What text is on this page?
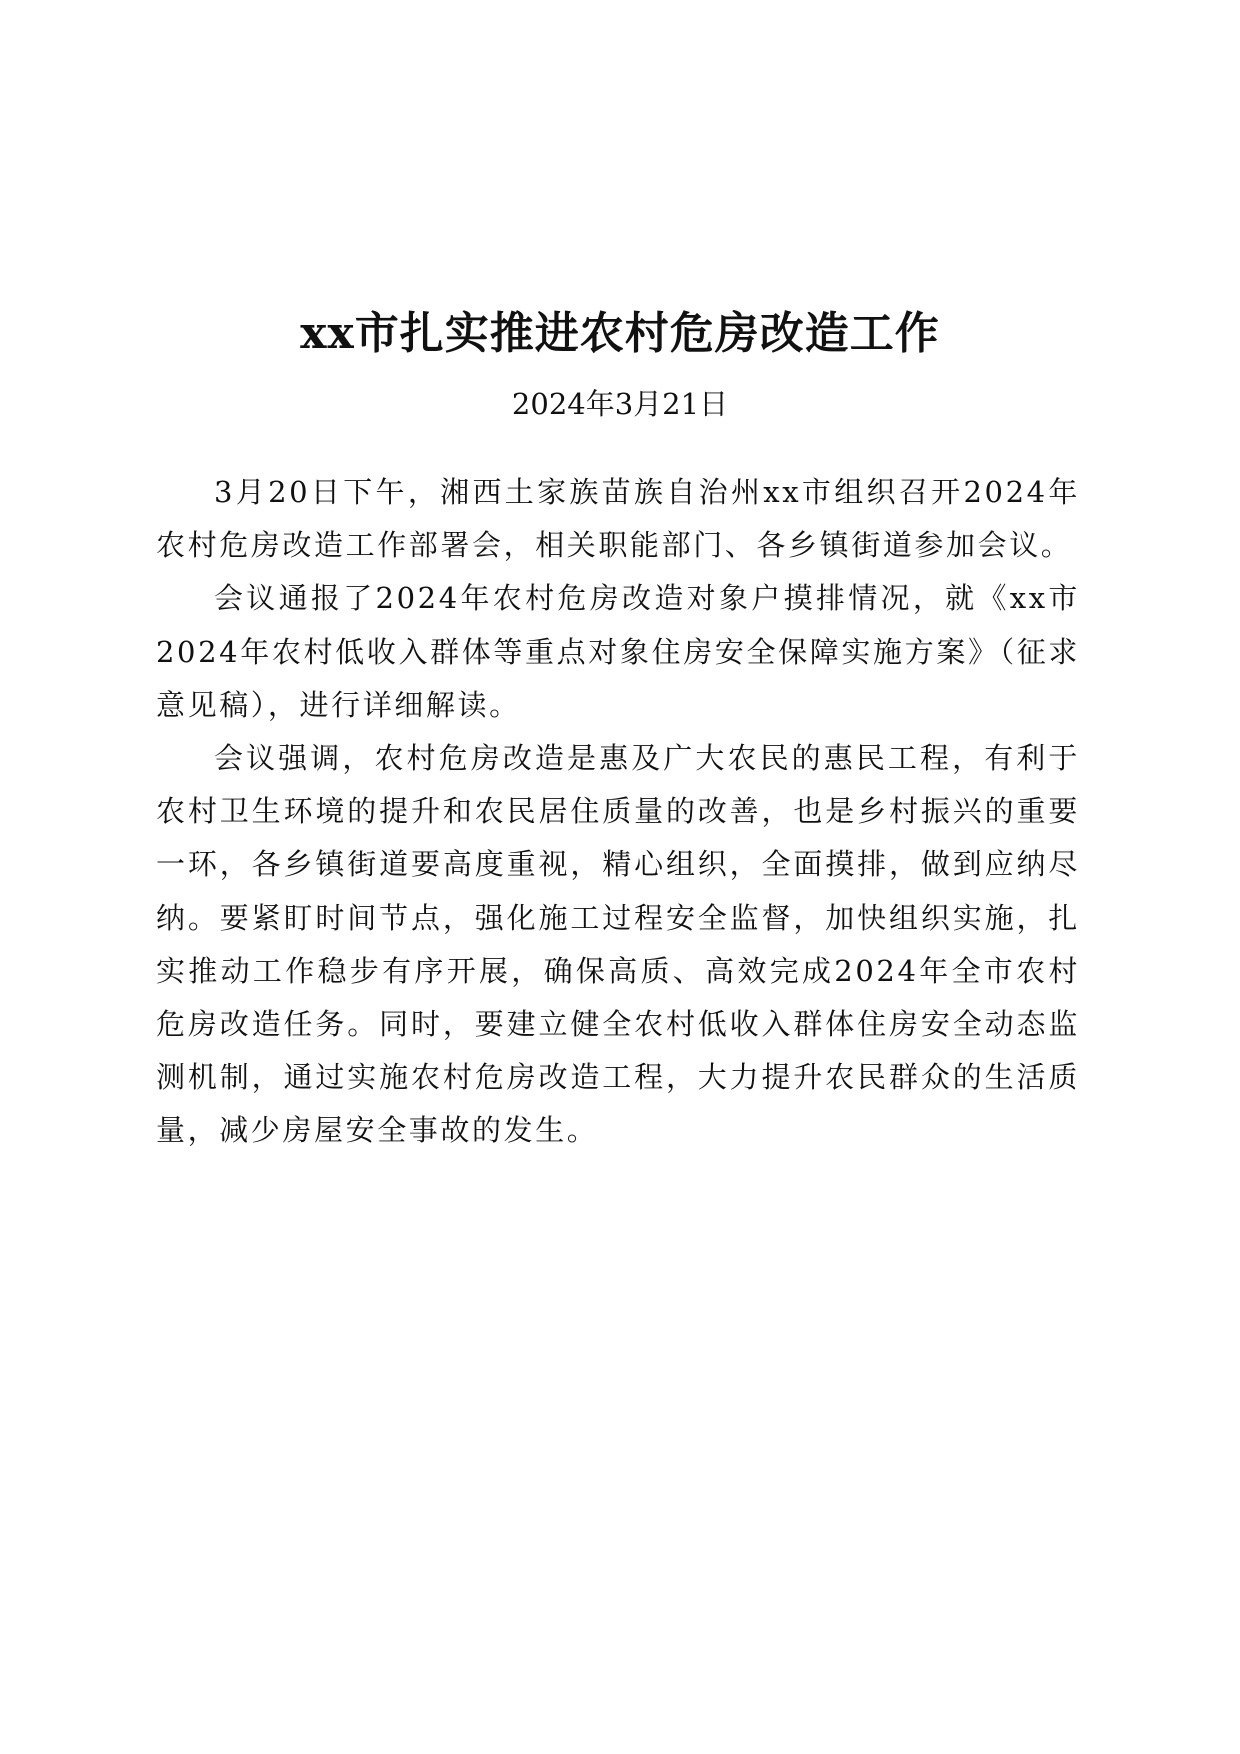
xx市扎实推进农村危房改造工作
2024年3月21日

3月20日下午，湘西土家族苗族自治州xx市组织召开2024年农村危房改造工作部署会，相关职能部门、各乡镇街道参加会议。

会议通报了2024年农村危房改造对象户摸排情况，就《xx市2024年农村低收入群体等重点对象住房安全保障实施方案》（征求意见稿），进行详细解读。

会议强调，农村危房改造是惠及广大农民的惠民工程，有利于农村卫生环境的提升和农民居住质量的改善，也是乡村振兴的重要一环，各乡镇街道要高度重视，精心组织，全面摸排，做到应纳尽纳。要紧盯时间节点，强化施工过程安全监督，加快组织实施，扎实推动工作稳步有序开展，确保高质、高效完成2024年全市农村危房改造任务。同时，要建立健全农村低收入群体住房安全动态监测机制，通过实施农村危房改造工程，大力提升农民群众的生活质量，减少房屋安全事故的发生。
